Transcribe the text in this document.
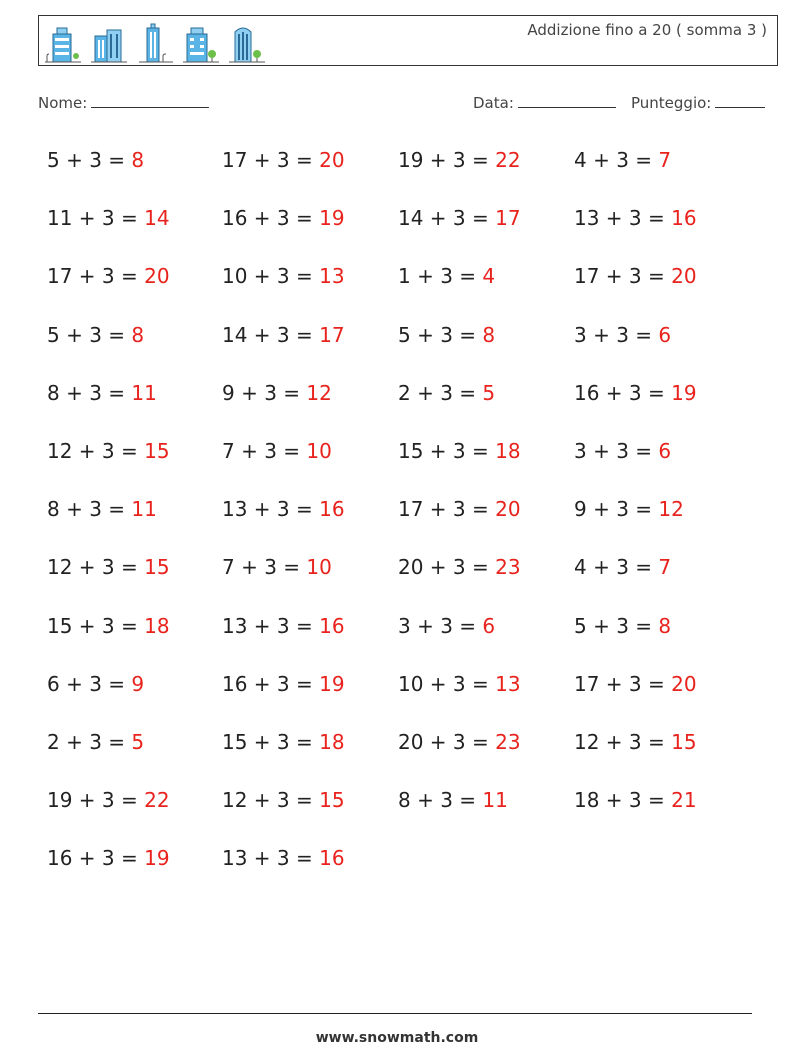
Addizione fino a 20 ( somma 3 )
Nome:	Data:	Punteggio:
5 + 3 = 8	17 + 3 = 20	19 + 3 = 22	4 + 3 = 7
11 + 3 = 14	16 + 3 = 19	14 + 3 = 17	13 + 3 = 16
17 + 3 = 20	10 + 3 = 13	1 + 3 = 4	17 + 3 = 20
5 + 3 = 8	14 + 3 = 17	5 + 3 = 8	3 + 3 = 6
8 + 3 = 11	9 + 3 = 12	2 + 3 = 5	16 + 3 = 19
12 + 3 = 15	7 + 3 = 10	15 + 3 = 18	3 + 3 = 6
8 + 3 = 11	13 + 3 = 16	17 + 3 = 20	9 + 3 = 12
12 + 3 = 15	7 + 3 = 10	20 + 3 = 23	4 + 3 = 7
15 + 3 = 18	13 + 3 = 16	3 + 3 = 6	5 + 3 = 8
6 + 3 = 9	16 + 3 = 19	10 + 3 = 13	17 + 3 = 20
2 + 3 = 5	15 + 3 = 18	20 + 3 = 23	12 + 3 = 15
19 + 3 = 22	12 + 3 = 15	8 + 3 = 11	18 + 3 = 21
16 + 3 = 19	13 + 3 = 16
www.snowmath.com
